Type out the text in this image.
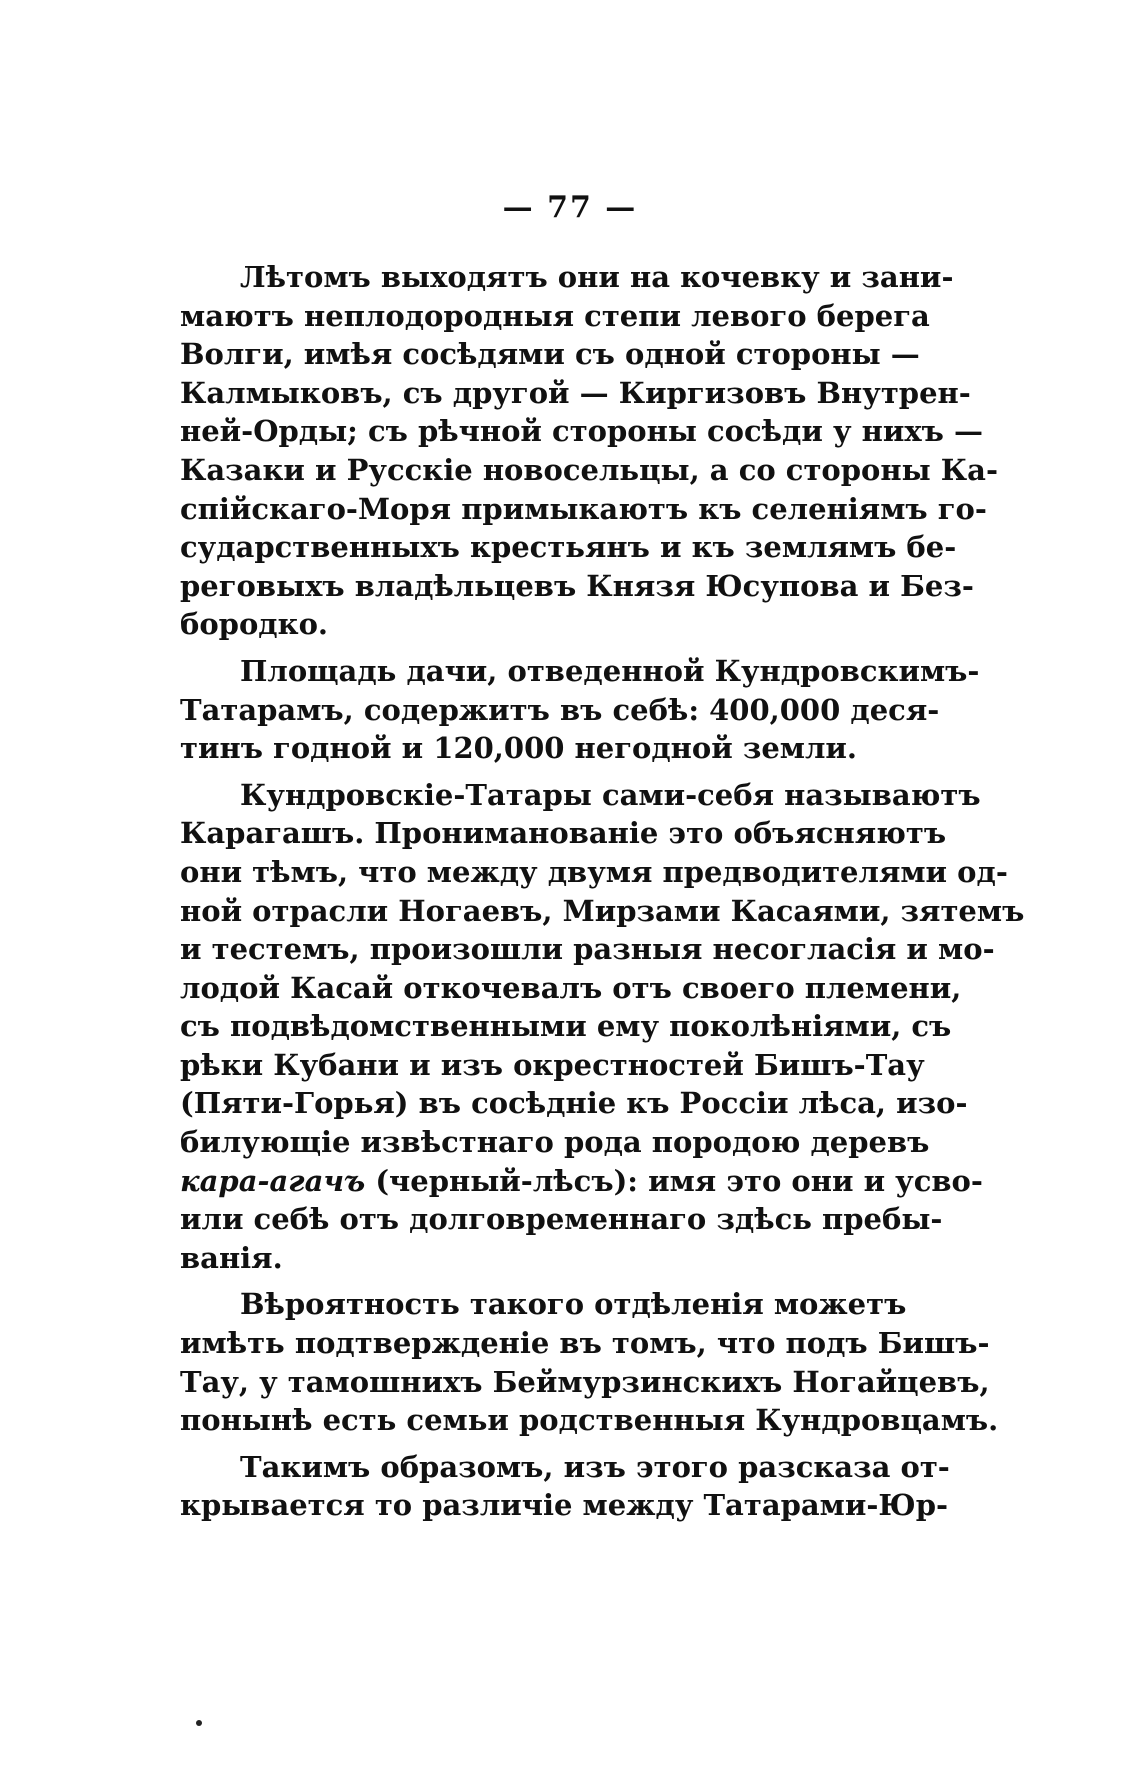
— 77 —
Лѣтомъ выходятъ они на кочевку и зани-
маютъ неплодородныя степи левого берега
Волги, имѣя сосѣдями съ одной стороны —
Калмыковъ, съ другой — Киргизовъ Внутрен-
ней-Орды; съ рѣчной стороны сосѣди у нихъ —
Казаки и Русскіе новосельцы, а со стороны Ка-
спійскаго-Моря примыкаютъ къ селеніямъ го-
сударственныхъ крестьянъ и къ землямъ бе-
реговыхъ владѣльцевъ Князя Юсупова и Без-
бородко.
Площадь дачи, отведенной Кундровскимъ-
Татарамъ, содержитъ въ себѣ: 400,000 деся-
тинъ годной и 120,000 негодной земли.
Кундровскіе-Татары сами-себя называютъ
Карагашъ. Прониманованіе это объясняютъ
они тѣмъ, что между двумя предводителями од-
ной отрасли Ногаевъ, Мирзами Касаями, зятемъ
и тестемъ, произошли разныя несогласія и мо-
лодой Касай откочевалъ отъ своего племени,
съ подвѣдомственными ему поколѣніями, съ
рѣки Кубани и изъ окрестностей Бишъ-Тау
(Пяти-Горья) въ сосѣдніе къ Россіи лѣса, изо-
билующіе извѣстнаго рода породою деревъ
кара-агачъ (черный-лѣсъ): имя это они и усво-
или себѣ отъ долговременнаго здѣсь пребы-
ванія.
Вѣроятность такого отдѣленія можетъ
имѣть подтвержденіе въ томъ, что подъ Бишъ-
Тау, у тамошнихъ Беймурзинскихъ Ногайцевъ,
понынѣ есть семьи родственныя Кундровцамъ.
Такимъ образомъ, изъ этого разсказа от-
крывается то различіе между Татарами-Юр-
